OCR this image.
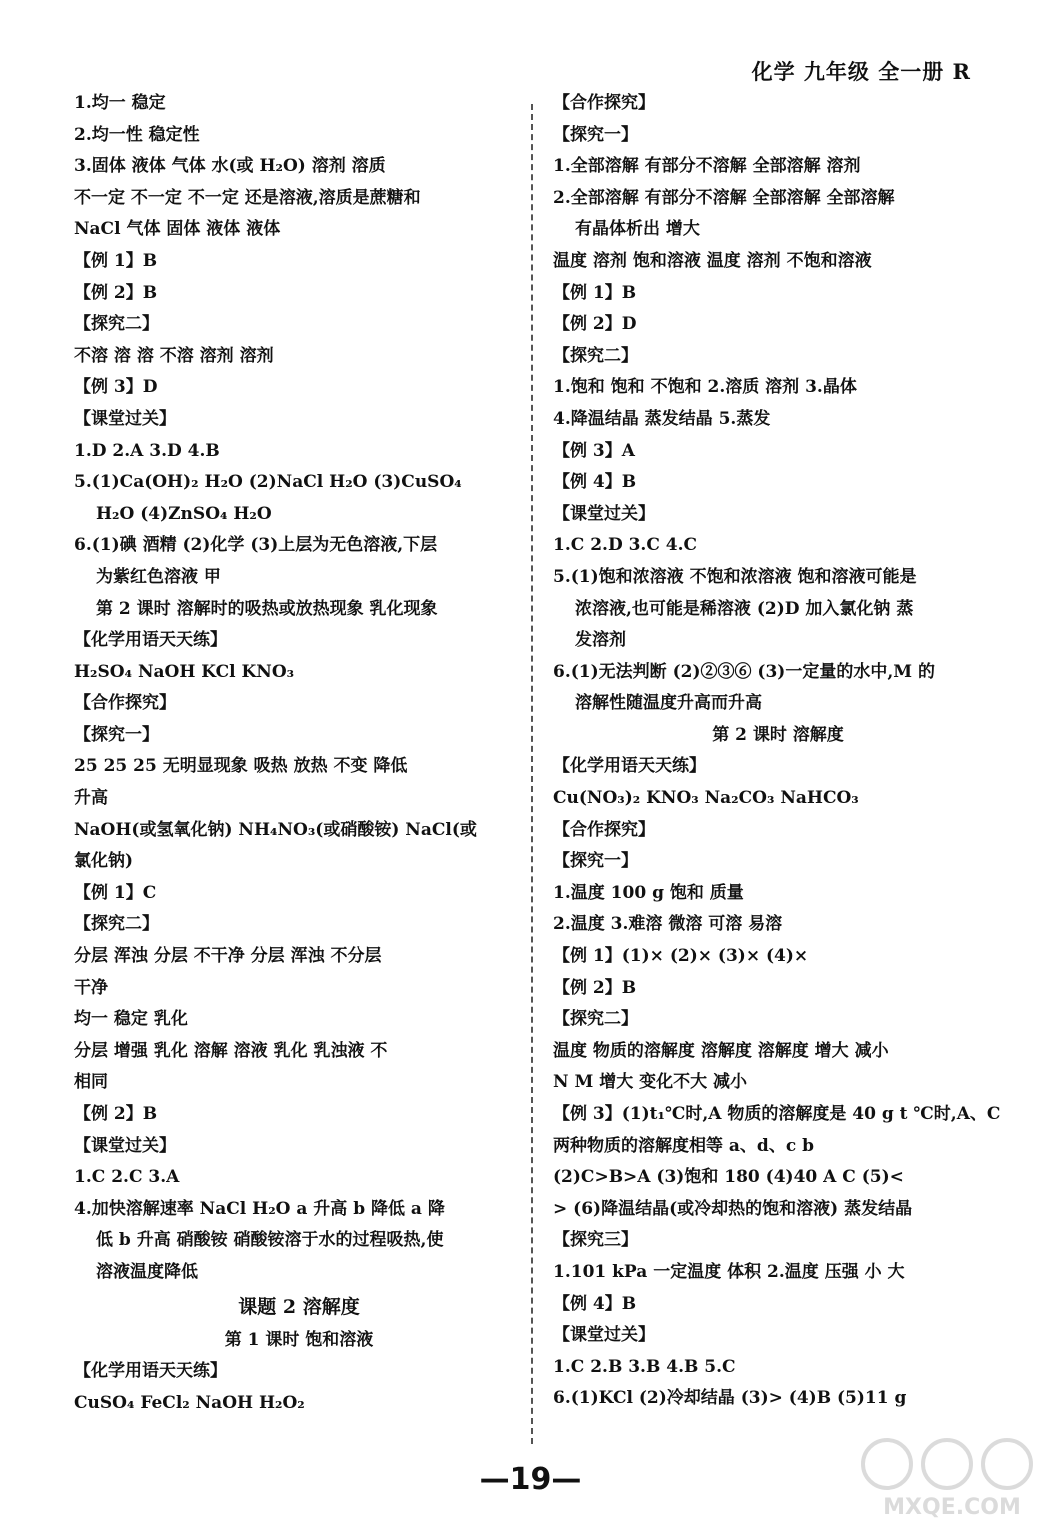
化学 九年级 全一册 R
1.均一 稳定
2.均一性 稳定性
3.固体 液体 气体 水(或 H₂O) 溶剂 溶质
不一定 不一定 不一定 还是溶液,溶质是蔗糖和
NaCl 气体 固体 液体 液体
【例 1】B
【例 2】B
【探究二】
不溶 溶 溶 不溶 溶剂 溶剂
【例 3】D
【课堂过关】
1.D 2.A 3.D 4.B
5.(1)Ca(OH)₂ H₂O (2)NaCl H₂O (3)CuSO₄
H₂O (4)ZnSO₄ H₂O
6.(1)碘 酒精 (2)化学 (3)上层为无色溶液,下层
为紫红色溶液 甲
第 2 课时 溶解时的吸热或放热现象 乳化现象
【化学用语天天练】
H₂SO₄ NaOH KCl KNO₃
【合作探究】
【探究一】
25 25 25 无明显现象 吸热 放热 不变 降低
升高
NaOH(或氢氧化钠) NH₄NO₃(或硝酸铵) NaCl(或
氯化钠)
【例 1】C
【探究二】
分层 浑浊 分层 不干净 分层 浑浊 不分层
干净
均一 稳定 乳化
分层 增强 乳化 溶解 溶液 乳化 乳浊液 不
相同
【例 2】B
【课堂过关】
1.C 2.C 3.A
4.加快溶解速率 NaCl H₂O a 升高 b 降低 a 降
低 b 升高 硝酸铵 硝酸铵溶于水的过程吸热,使
溶液温度降低
课题 2 溶解度
第 1 课时 饱和溶液
【化学用语天天练】
CuSO₄ FeCl₂ NaOH H₂O₂
【合作探究】
【探究一】
1.全部溶解 有部分不溶解 全部溶解 溶剂
2.全部溶解 有部分不溶解 全部溶解 全部溶解
有晶体析出 增大
温度 溶剂 饱和溶液 温度 溶剂 不饱和溶液
【例 1】B
【例 2】D
【探究二】
1.饱和 饱和 不饱和 2.溶质 溶剂 3.晶体
4.降温结晶 蒸发结晶 5.蒸发
【例 3】A
【例 4】B
【课堂过关】
1.C 2.D 3.C 4.C
5.(1)饱和浓溶液 不饱和浓溶液 饱和溶液可能是
浓溶液,也可能是稀溶液 (2)D 加入氯化钠 蒸
发溶剂
6.(1)无法判断 (2)②③⑥ (3)一定量的水中,M 的
溶解性随温度升高而升高
第 2 课时 溶解度
【化学用语天天练】
Cu(NO₃)₂ KNO₃ Na₂CO₃ NaHCO₃
【合作探究】
【探究一】
1.温度 100 g 饱和 质量
2.温度 3.难溶 微溶 可溶 易溶
【例 1】(1)× (2)× (3)× (4)×
【例 2】B
【探究二】
温度 物质的溶解度 溶解度 溶解度 增大 减小
N M 增大 变化不大 减小
【例 3】(1)t₁℃时,A 物质的溶解度是 40 g t ℃时,A、C
两种物质的溶解度相等 a、d、c b
(2)C>B>A (3)饱和 180 (4)40 A C (5)<
> (6)降温结晶(或冷却热的饱和溶液) 蒸发结晶
【探究三】
1.101 kPa 一定温度 体积 2.温度 压强 小 大
【例 4】B
【课堂过关】
1.C 2.B 3.B 4.B 5.C
6.(1)KCl (2)冷却结晶 (3)> (4)B (5)11 g
—19—
MXQE.COM
